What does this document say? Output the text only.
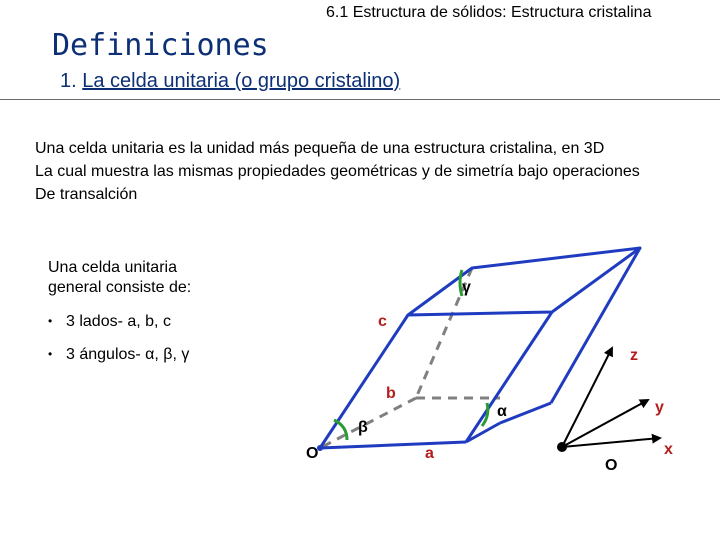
6.1 Estructura de sólidos: Estructura cristalina
Definiciones
1. La celda unitaria (o grupo cristalino)
Una celda unitaria es la unidad más pequeña de una estructura cristalina, en 3D
La cual muestra las mismas propiedades geométricas y de simetría bajo operaciones
De transalción
Una celda unitaria
general consiste de:
• 3 lados- a, b, c
• 3 ángulos- α, β, γ
γ
c
z
b
α
β
y
O	a
O
x
